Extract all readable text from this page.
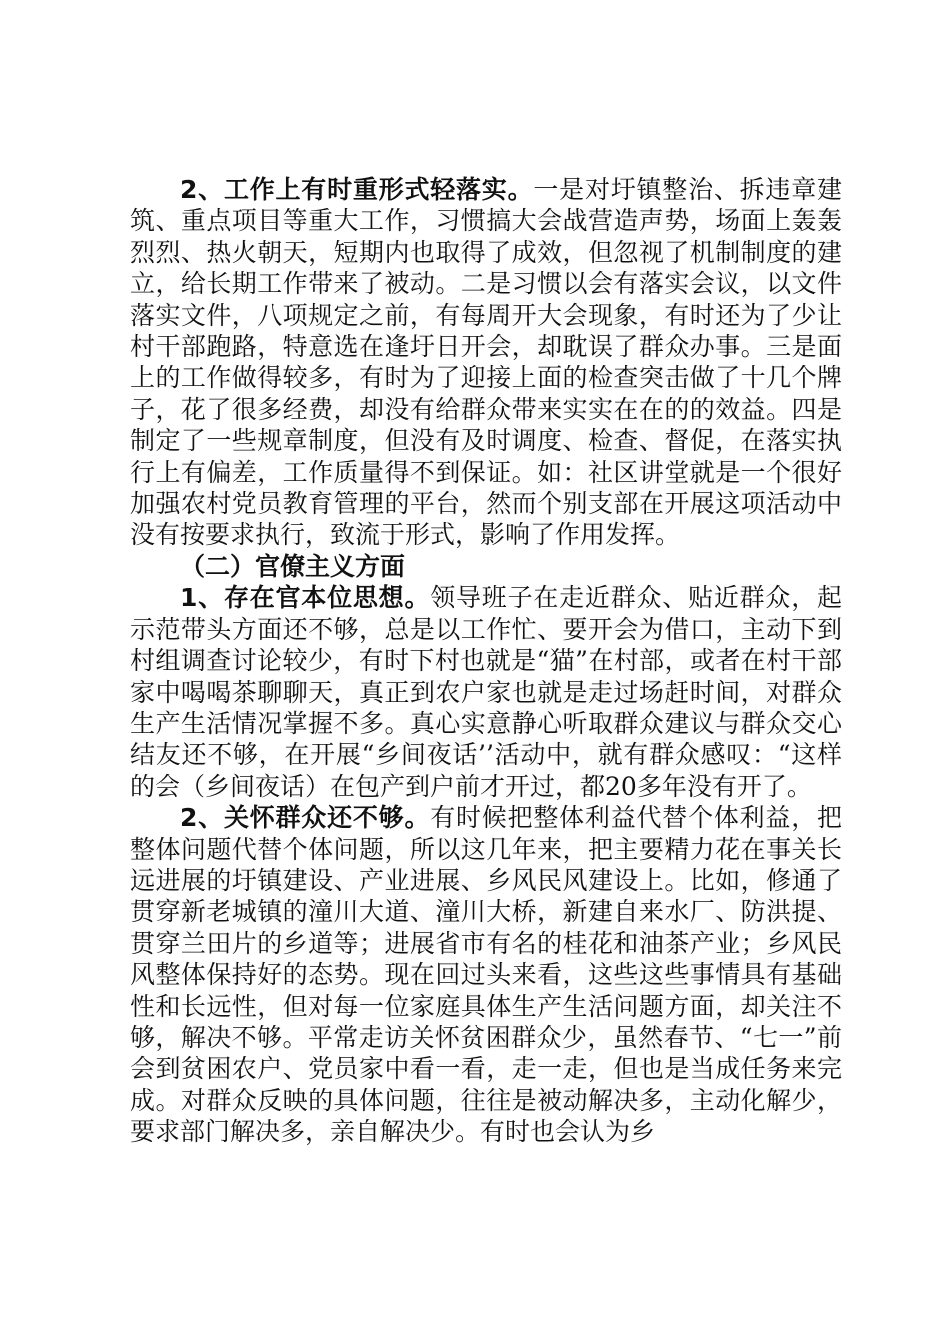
2、工作上有时重形式轻落实。一是对圩镇整治、拆违章建筑、重点项目等重大工作，习惯搞大会战营造声势，场面上轰轰烈烈、热火朝天，短期内也取得了成效，但忽视了机制制度的建立，给长期工作带来了被动。二是习惯以会有落实会议，以文件落实文件，八项规定之前，有每周开大会现象，有时还为了少让村干部跑路，特意选在逢圩日开会，却耽误了群众办事。三是面上的工作做得较多，有时为了迎接上面的检查突击做了十几个牌子，花了很多经费，却没有给群众带来实实在在的的效益。四是制定了一些规章制度，但没有及时调度、检查、督促，在落实执行上有偏差，工作质量得不到保证。如：社区讲堂就是一个很好加强农村党员教育管理的平台，然而个别支部在开展这项活动中没有按要求执行，致流于形式，影响了作用发挥。

（二）官僚主义方面

1、存在官本位思想。领导班子在走近群众、贴近群众，起示范带头方面还不够，总是以工作忙、要开会为借口，主动下到村组调查讨论较少，有时下村也就是“猫”在村部，或者在村干部家中喝喝茶聊聊天，真正到农户家也就是走过场赶时间，对群众生产生活情况掌握不多。真心实意静心听取群众建议与群众交心结友还不够，在开展“乡间夜话’’活动中，就有群众感叹：“这样的会（乡间夜话）在包产到户前才开过，都20多年没有开了。

2、关怀群众还不够。有时候把整体利益代替个体利益，把整体问题代替个体问题，所以这几年来，把主要精力花在事关长远进展的圩镇建设、产业进展、乡风民风建设上。比如，修通了贯穿新老城镇的潼川大道、潼川大桥，新建自来水厂、防洪提、贯穿兰田片的乡道等；进展省市有名的桂花和油茶产业；乡风民风整体保持好的态势。现在回过头来看，这些这些事情具有基础性和长远性，但对每一位家庭具体生产生活问题方面，却关注不够，解决不够。平常走访关怀贫困群众少，虽然春节、“七一”前会到贫困农户、党员家中看一看，走一走，但也是当成任务来完成。对群众反映的具体问题，往往是被动解决多，主动化解少，要求部门解决多，亲自解决少。有时也会认为乡
